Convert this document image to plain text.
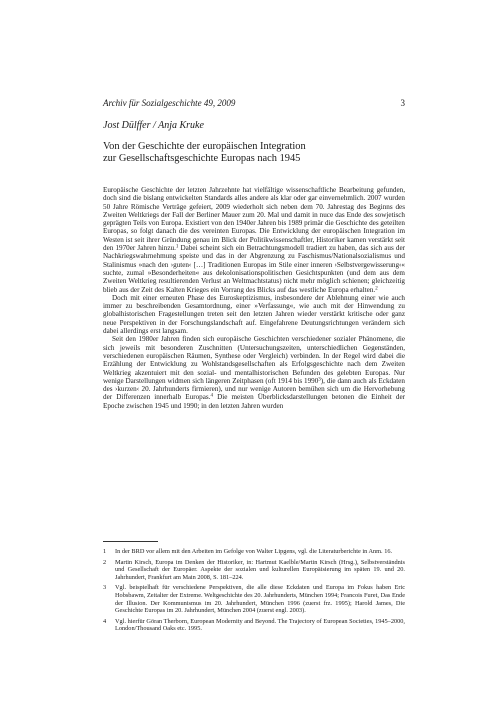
Archiv für Sozialgeschichte 49, 2009	3
Jost Dülffer / Anja Kruke
Von der Geschichte der europäischen Integration
zur Gesellschaftsgeschichte Europas nach 1945

Europäische Geschichte der letzten Jahrzehnte hat vielfältige wissenschaftliche Bearbeitung gefunden, doch sind die bislang entwickelten Standards alles andere als klar oder gar einvernehmlich. 2007 wurden 50 Jahre Römische Verträge gefeiert, 2009 wiederholt sich neben dem 70. Jahrestag des Beginns des Zweiten Weltkriegs der Fall der Berliner Mauer zum 20. Mal und damit in nuce das Ende des sowjetisch geprägten Teils von Europa. Existiert von den 1940er Jahren bis 1989 primär die Geschichte des geteilten Europas, so folgt danach die des vereinten Europas. Die Entwicklung der europäischen Integration im Westen ist seit ihrer Gründung genau im Blick der Politikwissenschaftler, Historiker kamen verstärkt seit den 1970er Jahren hinzu.$^1$ Dabei scheint sich ein Betrachtungsmodell tradiert zu haben, das sich aus der Nachkriegswahrnehmung speiste und das in der Abgrenzung zu Faschismus/Nationalsozialismus und Stalinismus »nach den ›guten‹ […] Traditionen Europas im Stile einer inneren ›Selbstvergewisserung‹« suchte, zumal »Besonderheiten« aus dekolonisationspolitischen Gesichtspunkten (und dem aus dem Zweiten Weltkrieg resultierenden Verlust an Weltmachtstatus) nicht mehr möglich schienen; gleichzeitig blieb aus der Zeit des Kalten Krieges ein Vorrang des Blicks auf das westliche Europa erhalten.$^2$

Doch mit einer erneuten Phase des Euroskeptizismus, insbesondere der Ablehnung einer wie auch immer zu beschreibenden Gesamtordnung, einer »Verfassung«, wie auch mit der Hinwendung zu globalhistorischen Fragestellungen treten seit den letzten Jahren wieder verstärkt kritische oder ganz neue Perspektiven in der Forschungslandschaft auf. Eingefahrene Deutungsrichtungen verändern sich dabei allerdings erst langsam.

Seit den 1980er Jahren finden sich europäische Geschichten verschiedener sozialer Phänomene, die sich jeweils mit besonderen Zuschnitten (Untersuchungszeiten, unterschiedlichen Gegenständen, verschiedenen europäischen Räumen, Synthese oder Vergleich) verbinden. In der Regel wird dabei die Erzählung der Entwicklung zu Wohlstandsgesellschaften als Erfolgsgeschichte nach dem Zweiten Weltkrieg akzentuiert mit den sozial- und mentalhistorischen Befunden des gelebten Europas. Nur wenige Darstellungen widmen sich längeren Zeitphasen (oft 1914 bis 1990$^3$), die dann auch als Eckdaten des ›kurzen‹ 20. Jahrhunderts firmieren), und nur wenige Autoren bemühen sich um die Hervorhebung der Differenzen innerhalb Europas.$^4$ Die meisten Überblicksdarstellungen betonen die Einheit der Epoche zwischen 1945 und 1990; in den letzten Jahren wurden

1	In der BRD vor allem mit den Arbeiten im Gefolge von Walter Lipgens, vgl. die Literaturberichte in Anm. 16.
2	Martin Kirsch, Europa im Denken der Historiker, in: Hartmut Kaelble/Martin Kirsch (Hrsg.), Selbstverständnis und Gesellschaft der Europäer. Aspekte der sozialen und kulturellen Europäisierung im späten 19. und 20. Jahrhundert, Frankfurt am Main 2008, S. 181–224.
3	Vgl. beispielhaft für verschiedene Perspektiven, die alle diese Eckdaten und Europa im Fokus haben Eric Hobsbawm, Zeitalter der Extreme. Weltgeschichte des 20. Jahrhunderts, München 1994; Francois Furet, Das Ende der Illusion. Der Kommunismus im 20. Jahrhundert, München 1996 (zuerst frz. 1995); Harold James, Die Geschichte Europas im 20. Jahrhundert, München 2004 (zuerst engl. 2003).
4	Vgl. hierfür Göran Therborn, European Modernity and Beyond. The Trajectory of European Societies, 1945–2000, London/Thousand Oaks etc. 1995.
